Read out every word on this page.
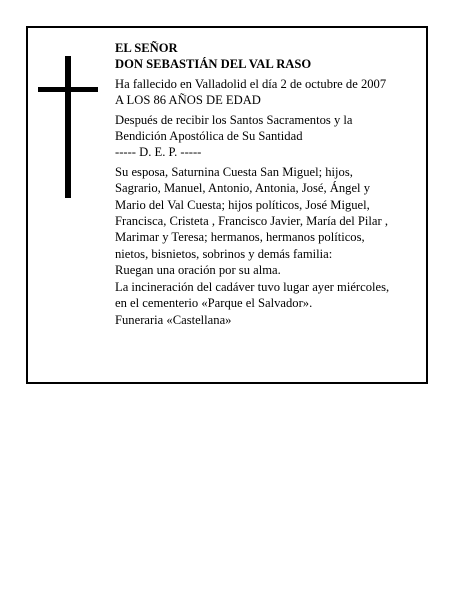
EL SEÑOR
DON SEBASTIÁN DEL VAL RASO
Ha fallecido en Valladolid el día 2 de octubre de 2007
A LOS 86 AÑOS DE EDAD
Después de recibir los Santos Sacramentos y la
Bendición Apostólica de Su Santidad
----- D. E. P. -----
Su esposa, Saturnina Cuesta San Miguel; hijos,
Sagrario, Manuel, Antonio, Antonia, José, Ángel y
Mario del Val Cuesta; hijos políticos, José Miguel,
Francisca, Cristeta , Francisco Javier, María del Pilar ,
Marimar y Teresa; hermanos, hermanos políticos,
nietos, bisnietos, sobrinos y demás familia:
Ruegan una oración por su alma.
La incineración del cadáver tuvo lugar ayer miércoles,
en el cementerio «Parque el Salvador».
Funeraria «Castellana»
